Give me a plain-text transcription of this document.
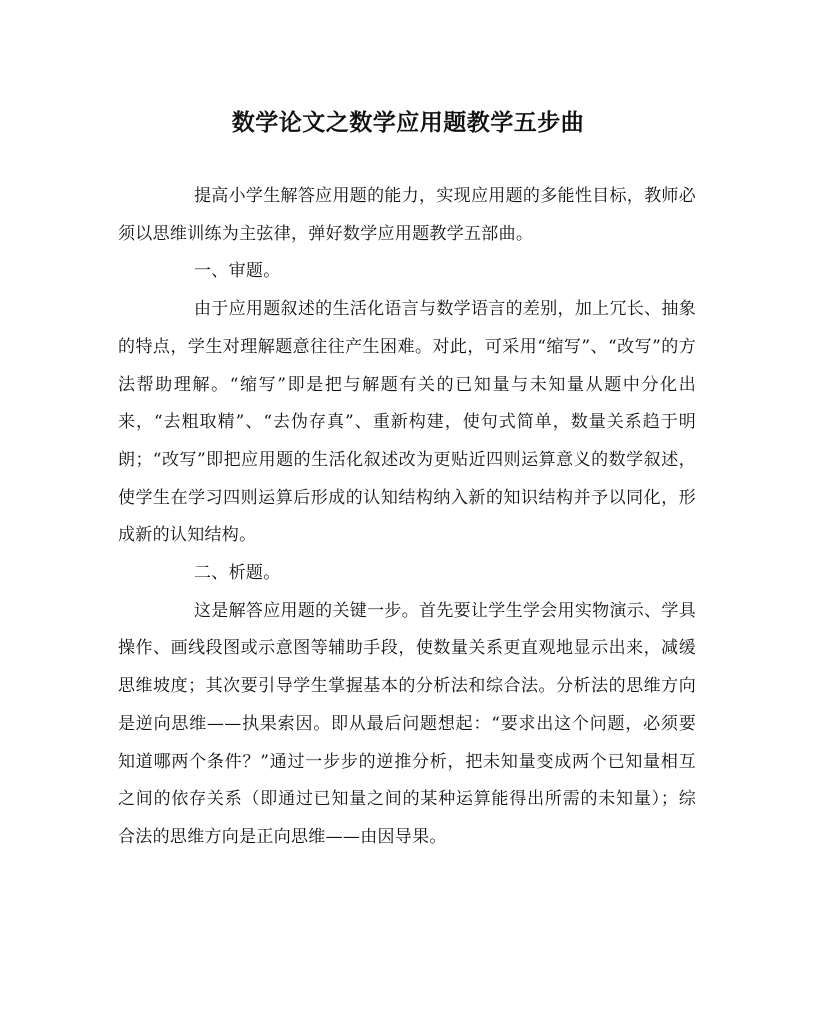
数学论文之数学应用题教学五步曲

提高小学生解答应用题的能力，实现应用题的多能性目标，教师必须以思维训练为主弦律，弹好数学应用题教学五部曲。

一、审题。

由于应用题叙述的生活化语言与数学语言的差别，加上冗长、抽象的特点，学生对理解题意往往产生困难。对此，可采用“缩写”、“改写”的方法帮助理解。“缩写”即是把与解题有关的已知量与未知量从题中分化出来，“去粗取精”、“去伪存真”、重新构建，使句式简单，数量关系趋于明朗；“改写”即把应用题的生活化叙述改为更贴近四则运算意义的数学叙述，使学生在学习四则运算后形成的认知结构纳入新的知识结构并予以同化，形成新的认知结构。

二、析题。

这是解答应用题的关键一步。首先要让学生学会用实物演示、学具操作、画线段图或示意图等辅助手段，使数量关系更直观地显示出来，减缓思维坡度；其次要引导学生掌握基本的分析法和综合法。分析法的思维方向是逆向思维——执果索因。即从最后问题想起：“要求出这个问题，必须要知道哪两个条件？”通过一步步的逆推分析，把未知量变成两个已知量相互之间的依存关系（即通过已知量之间的某种运算能得出所需的未知量）；综合法的思维方向是正向思维——由因导果。
